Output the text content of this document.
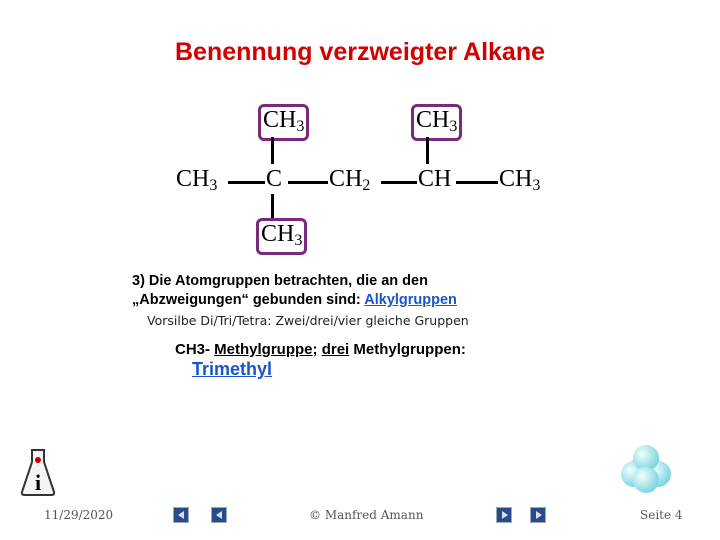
Benennung verzweigter Alkane
$CH_3$	$CH_3$
$CH_3$ C $CH_2$ CH $CH_3$
$CH_3$
3) Die Atomgruppen betrachten, die an den
„Abzweigungen“ gebunden sind: Alkylgruppen
Vorsilbe Di/Tri/Tetra: Zwei/drei/vier gleiche Gruppen
CH3- Methylgruppe; drei Methylgruppen:
Trimethyl
i
11/29/2020	© Manfred Amann	Seite 4
